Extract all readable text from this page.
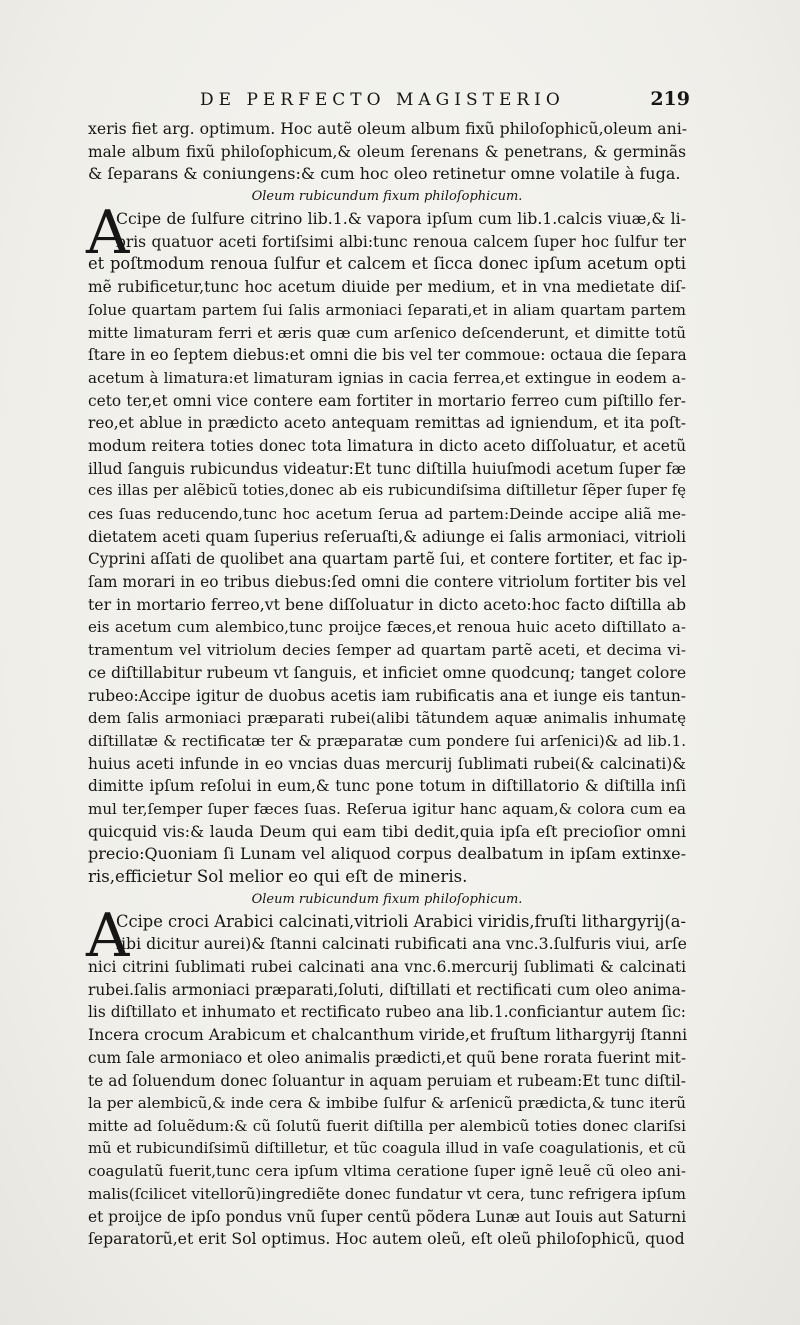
DE PERFECTO MAGISTERIO	219
xeris fiet arg. optimum. Hoc autẽ oleum album fixũ philoſophicũ,oleum ani-
male album fixũ philoſophicum,& oleum ſerenans & penetrans, & germinãs
& ſeparans & coniungens:& cum hoc oleo retinetur omne volatile à fuga.
Oleum rubicundum fixum philoſophicum.
A
Ccipe de ſulfure citrino lib.1.& vapora ipſum cum lib.1.calcis viuæ,& li-
bris quatuor aceti fortiſsimi albi:tunc renoua calcem ſuper hoc ſulfur ter
et poſtmodum renoua ſulfur et calcem et ſicca donec ipſum acetum opti
mẽ rubificetur,tunc hoc acetum diuide per medium, et in vna medietate diſ-
ſolue quartam partem ſui ſalis armoniaci ſeparati,et in aliam quartam partem
mitte limaturam ferri et æris quæ cum arſenico deſcenderunt, et dimitte totũ
ſtare in eo ſeptem diebus:et omni die bis vel ter commoue: octaua die ſepara
acetum à limatura:et limaturam ignias in cacia ferrea,et extingue in eodem a-
ceto ter,et omni vice contere eam fortiter in mortario ferreo cum piſtillo fer-
reo,et ablue in prædicto aceto antequam remittas ad igniendum, et ita poſt-
modum reitera toties donec tota limatura in dicto aceto diſſoluatur, et acetũ
illud ſanguis rubicundus videatur:Et tunc diſtilla huiuſmodi acetum ſuper fæ
ces illas per alẽbicũ toties,donec ab eis rubicundiſsima diſtilletur ſẽper ſuper fę
ces ſuas reducendo,tunc hoc acetum ſerua ad partem:Deinde accipe aliã me-
dietatem aceti quam ſuperius reſeruaſti,& adiunge ei ſalis armoniaci, vitrioli
Cyprini aſſati de quolibet ana quartam partẽ ſui, et contere fortiter, et fac ip-
ſam morari in eo tribus diebus:ſed omni die contere vitriolum fortiter bis vel
ter in mortario ferreo,vt bene diſſoluatur in dicto aceto:hoc facto diſtilla ab
eis acetum cum alembico,tunc proijce fæces,et renoua huic aceto diſtillato a-
tramentum vel vitriolum decies ſemper ad quartam partẽ aceti, et decima vi-
ce diſtillabitur rubeum vt ſanguis, et inficiet omne quodcunq; tanget colore
rubeo:Accipe igitur de duobus acetis iam rubificatis ana et iunge eis tantun-
dem ſalis armoniaci præparati rubei(alibi tãtundem aquæ animalis inhumatę
diſtillatæ & rectificatæ ter & præparatæ cum pondere ſui arſenici)& ad lib.1.
huius aceti infunde in eo vncias duas mercurij ſublimati rubei(& calcinati)&
dimitte ipſum reſolui in eum,& tunc pone totum in diſtillatorio & diſtilla inſi
mul ter,ſemper ſuper fæces ſuas. Reſerua igitur hanc aquam,& colora cum ea
quicquid vis:& lauda Deum qui eam tibi dedit,quia ipſa eſt precioſior omni
precio:Quoniam ſi Lunam vel aliquod corpus dealbatum in ipſam extinxe-
ris,efficietur Sol melior eo qui eſt de mineris.
Oleum rubicundum fixum philoſophicum.
A
Ccipe croci Arabici calcinati,vitrioli Arabici viridis,fruſti lithargyrij(a-
libi dicitur aurei)& ſtanni calcinati rubificati ana vnc.3.ſulfuris viui, arſe
nici citrini ſublimati rubei calcinati ana vnc.6.mercurij ſublimati & calcinati
rubei.ſalis armoniaci præparati,ſoluti, diſtillati et rectificati cum oleo anima-
lis diſtillato et inhumato et rectificato rubeo ana lib.1.conficiantur autem ſic:
Incera crocum Arabicum et chalcanthum viride,et fruſtum lithargyrij ſtanni
cum ſale armoniaco et oleo animalis prædicti,et quũ bene rorata fuerint mit-
te ad ſoluendum donec ſoluantur in aquam peruiam et rubeam:Et tunc diſtil-
la per alembicũ,& inde cera & imbibe ſulfur & arſenicũ prædicta,& tunc iterũ
mitte ad ſoluẽdum:& cũ ſolutũ fuerit diſtilla per alembicũ toties donec clariſsi
mũ et rubicundiſsimũ diſtilletur, et tũc coagula illud in vaſe coagulationis, et cũ
coagulatũ fuerit,tunc cera ipſum vltima ceratione ſuper ignẽ leuẽ cũ oleo ani-
malis(ſcilicet vitellorũ)ingrediẽte donec fundatur vt cera, tunc refrigera ipſum
et proijce de ipſo pondus vnũ ſuper centũ põdera Lunæ aut Iouis aut Saturni
ſeparatorũ,et erit Sol optimus. Hoc autem oleũ, eſt oleũ philoſophicũ, quod
